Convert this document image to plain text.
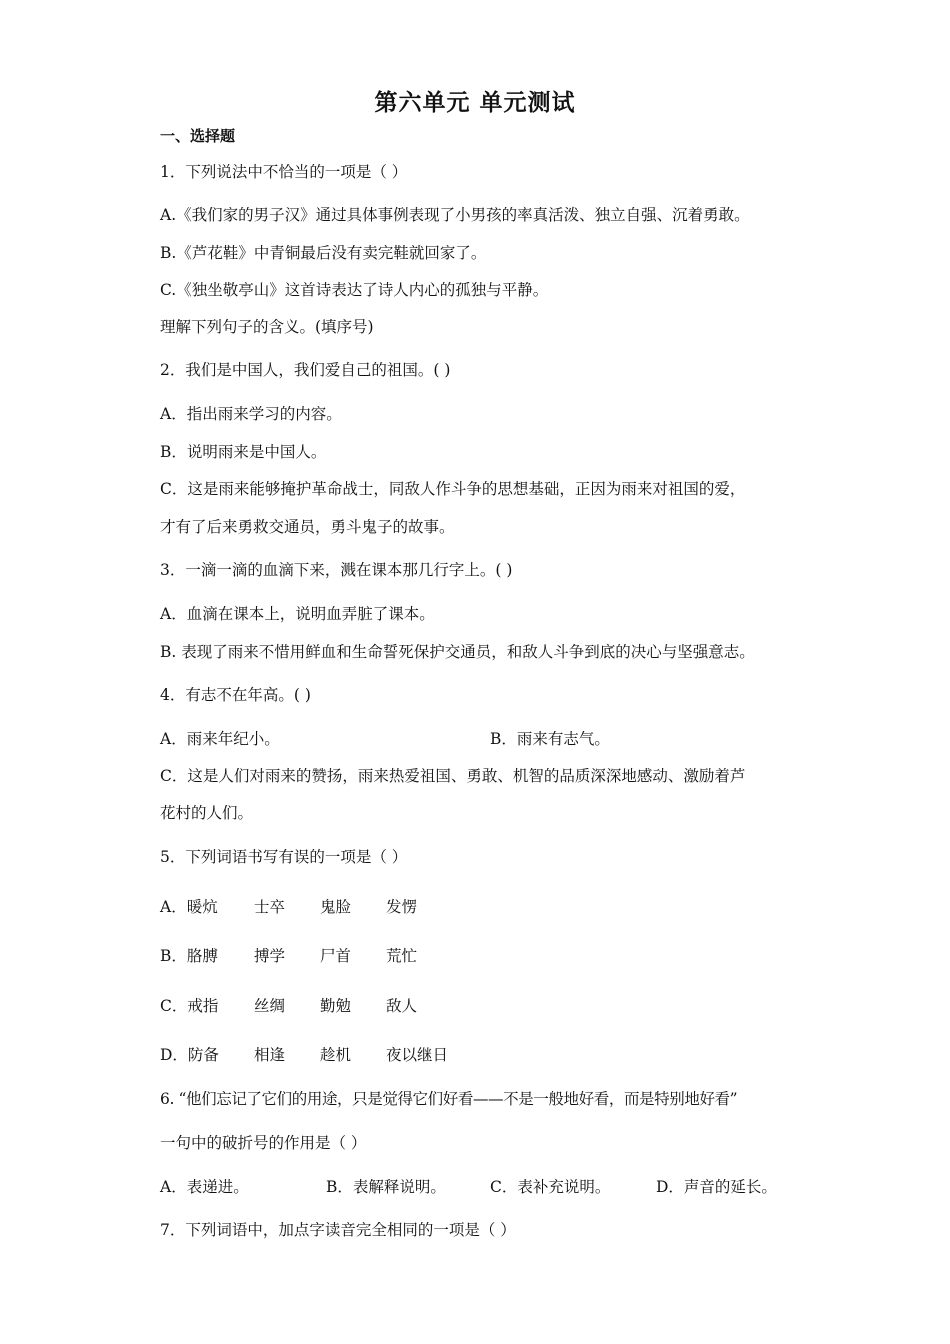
第六单元 单元测试
一、选择题
1．下列说法中不恰当的一项是（ ）
A.《我们家的男子汉》通过具体事例表现了小男孩的率真活泼、独立自强、沉着勇敢。
B.《芦花鞋》中青铜最后没有卖完鞋就回家了。
C.《独坐敬亭山》这首诗表达了诗人内心的孤独与平静。
理解下列句子的含义。(填序号)
2．我们是中国人，我们爱自己的祖国。( )
A．指出雨来学习的内容。
B．说明雨来是中国人。
C．这是雨来能够掩护革命战士，同敌人作斗争的思想基础，正因为雨来对祖国的爱，
才有了后来勇救交通员，勇斗鬼子的故事。
3．一滴一滴的血滴下来，溅在课本那几行字上。( )
A．血滴在课本上，说明血弄脏了课本。
B. 表现了雨来不惜用鲜血和生命誓死保护交通员，和敌人斗争到底的决心与坚强意志。
4．有志不在年高。( )
A．雨来年纪小。	B．雨来有志气。
C．这是人们对雨来的赞扬，雨来热爱祖国、勇敢、机智的品质深深地感动、激励着芦
花村的人们。
5．下列词语书写有误的一项是（ ）
A．暖炕 士卒 鬼脸 发愣
B．胳膊 搏学 尸首 荒忙
C．戒指 丝绸 勤勉 敌人
D．防备 相逢 趁机 夜以继日
6. “他们忘记了它们的用途，只是觉得它们好看——不是一般地好看，而是特别地好看”
一句中的破折号的作用是（ ）
A．表递进。	B．表解释说明。	C．表补充说明。	D．声音的延长。
7．下列词语中，加点字读音完全相同的一项是（ ）
